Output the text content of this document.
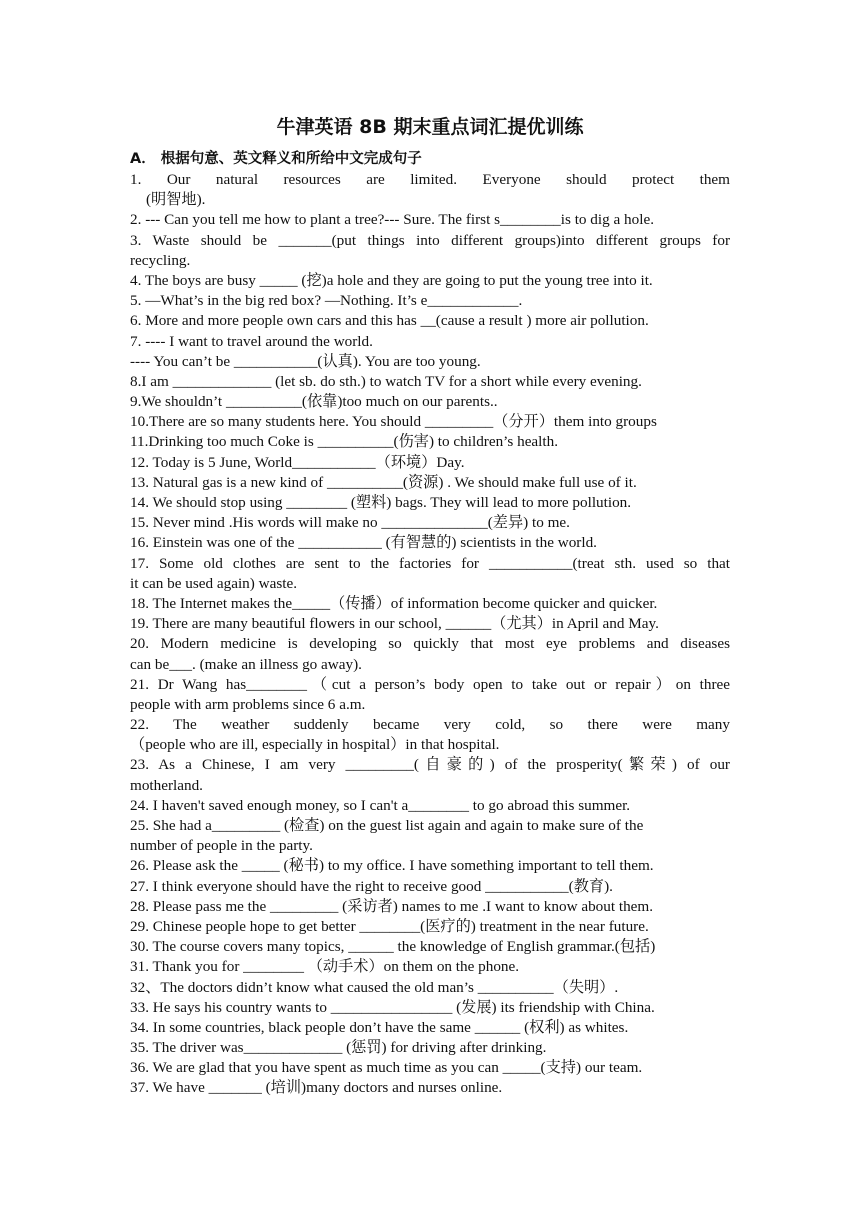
牛津英语 8B 期末重点词汇提优训练
A． 根据句意、英文释义和所给中文完成句子
1. Our natural resources are limited. Everyone should protect them
(明智地).
2. --- Can you tell me how to plant a tree?--- Sure. The first s________is to dig a hole.
3. Waste should be _______(put things into different groups)into different groups for
recycling.
4. The boys are busy _____ (挖)a hole and they are going to put the young tree into it.
5. —What’s in the big red box? —Nothing. It’s e____________.
6. More and more people own cars and this has __(cause a result ) more air pollution.
7. ---- I want to travel around the world.
---- You can’t be ___________(认真). You are too young.
8.I am _____________ (let sb. do sth.) to watch TV for a short while every evening.
9.We shouldn’t __________(依靠)too much on our parents..
10.There are so many students here. You should _________（分开）them into groups
11.Drinking too much Coke is __________(伤害) to children’s health.
12. Today is 5 June, World___________（环境）Day.
13. Natural gas is a new kind of __________(资源) . We should make full use of it.
14. We should stop using ________ (塑料) bags. They will lead to more pollution.
15. Never mind .His words will make no ______________(差异) to me.
16. Einstein was one of the ___________ (有智慧的) scientists in the world.
17. Some old clothes are sent to the factories for ___________(treat sth. used so that
it can be used again) waste.
18. The Internet makes the_____（传播）of information become quicker and quicker.
19. There are many beautiful flowers in our school, ______（尤其）in April and May.
20. Modern medicine is developing so quickly that most eye problems and diseases
can be___. (make an illness go away).
21. Dr Wang has________（cut a person’s body open to take out or repair）on three
people with arm problems since 6 a.m.
22. The weather suddenly became very cold, so there were many
（people who are ill, especially in hospital）in that hospital.
23. As a Chinese, I am very _________(自豪的) of the prosperity(繁荣) of our
motherland.
24. I haven't saved enough money, so I can't a________ to go abroad this summer.
25. She had a_________ (检查) on the guest list again and again to make sure of the
number of people in the party.
26. Please ask the _____ (秘书) to my office. I have something important to tell them.
27. I think everyone should have the right to receive good ___________(教育).
28. Please pass me the _________ (采访者) names to me .I want to know about them.
29. Chinese people hope to get better ________(医疗的) treatment in the near future.
30. The course covers many topics, ______ the knowledge of English grammar.(包括)
31. Thank you for ________ （动手术）on them on the phone.
32、The doctors didn’t know what caused the old man’s __________（失明）.
33. He says his country wants to ________________ (发展) its friendship with China.
34. In some countries, black people don’t have the same ______ (权利) as whites.
35. The driver was_____________ (惩罚) for driving after drinking.
36. We are glad that you have spent as much time as you can _____(支持) our team.
37. We have _______ (培训)many doctors and nurses online.
